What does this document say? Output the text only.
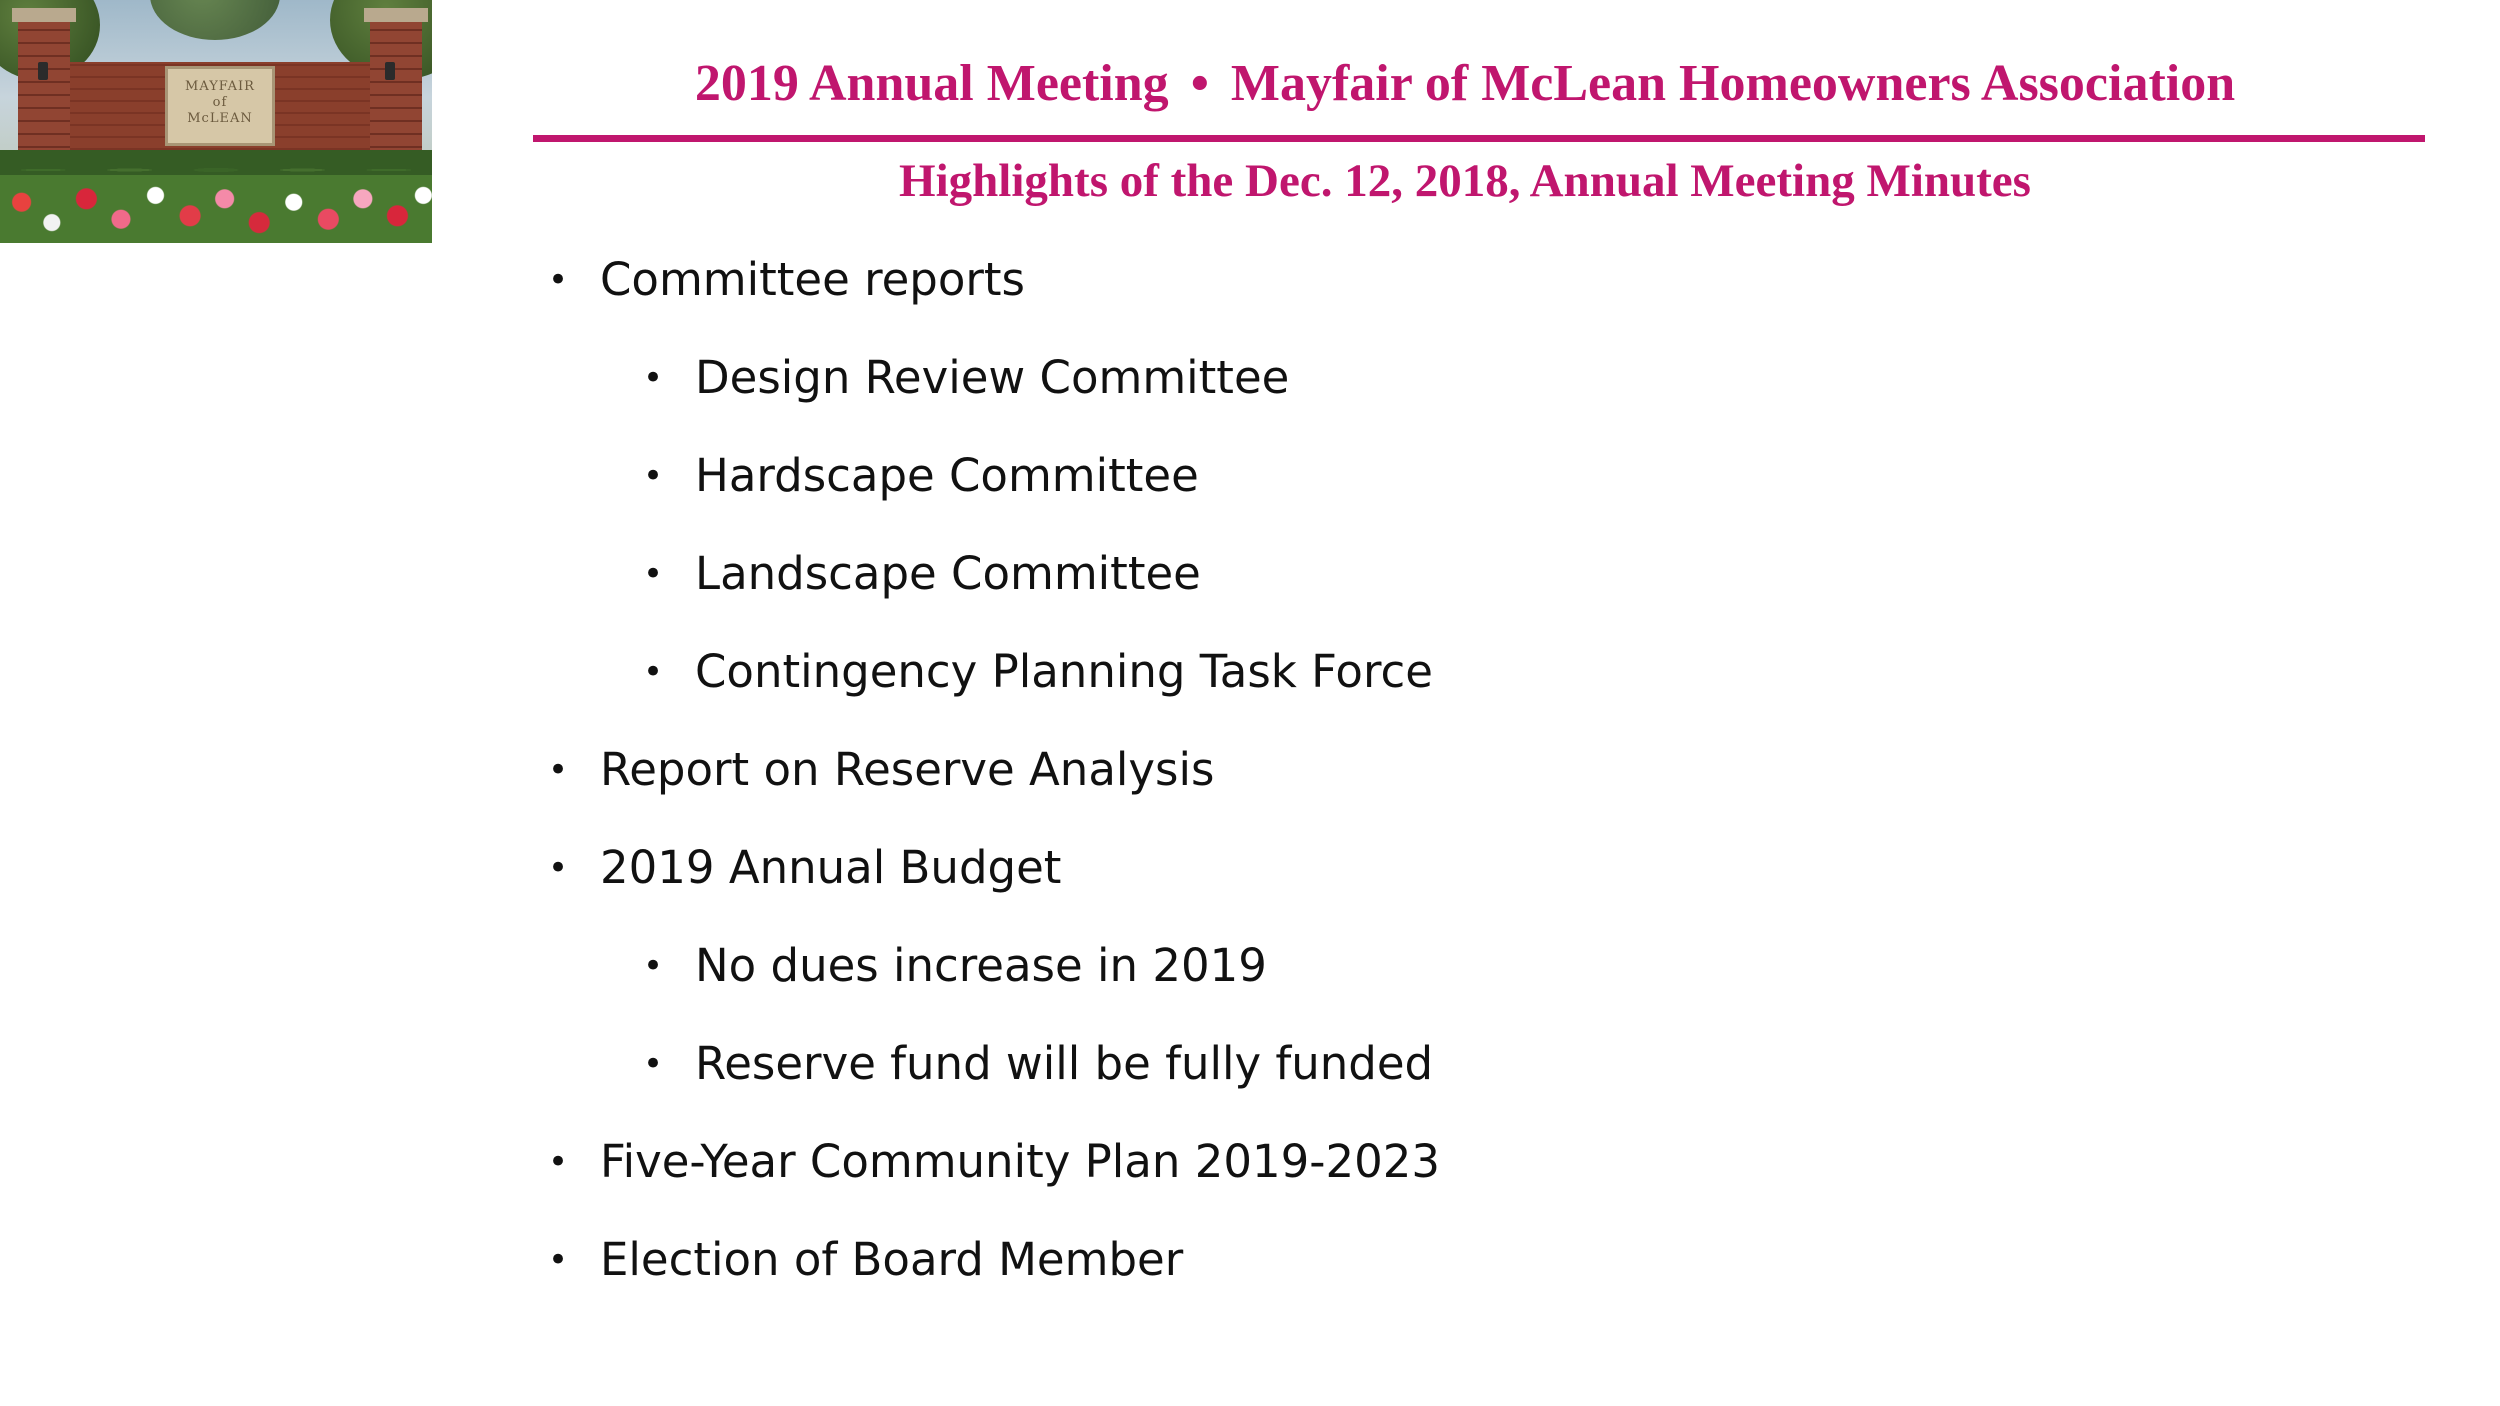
MAYFAIR
of
McLEAN
2019 Annual Meeting • Mayfair of McLean Homeowners Association
Highlights of the Dec. 12, 2018, Annual Meeting Minutes
• Committee reports
• Design Review Committee
• Hardscape Committee
• Landscape Committee
• Contingency Planning Task Force
• Report on Reserve Analysis
• 2019 Annual Budget
• No dues increase in 2019
• Reserve fund will be fully funded
• Five-Year Community Plan 2019-2023
• Election of Board Member
